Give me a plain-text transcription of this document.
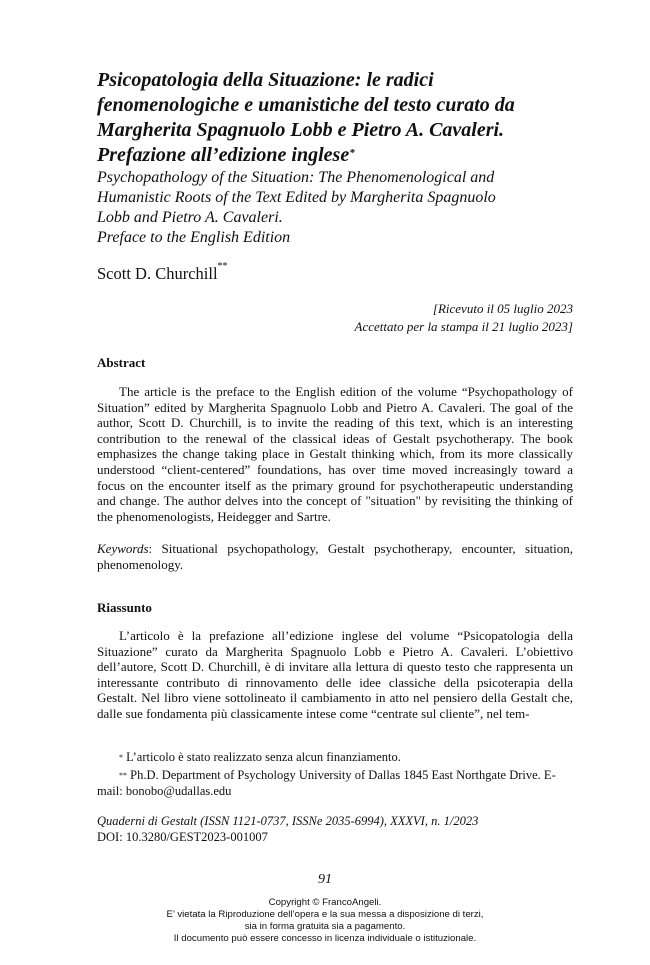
Psicopatologia della Situazione: le radici fenomenologiche e umanistiche del testo curato da Margherita Spagnuolo Lobb e Pietro A. Cavaleri. Prefazione all’edizione inglese*
Psychopathology of the Situation: The Phenomenological and
Humanistic Roots of the Text Edited by Margherita Spagnuolo
Lobb and Pietro A. Cavaleri.
Preface to the English Edition
Scott D. Churchill**
[Ricevuto il 05 luglio 2023
Accettato per la stampa il 21 luglio 2023]
Abstract
The article is the preface to the English edition of the volume “Psychopathology of Situation” edited by Margherita Spagnuolo Lobb and Pietro A. Cavaleri. The goal of the author, Scott D. Churchill, is to invite the reading of this text, which is an interesting contribution to the renewal of the classical ideas of Gestalt psychotherapy. The book emphasizes the change taking place in Gestalt thinking which, from its more classically understood “client-centered” foundations, has over time moved increasingly toward a focus on the encounter itself as the primary ground for psychotherapeutic understanding and change. The author delves into the concept of "situation" by revisiting the thinking of the phenomenologists, Heidegger and Sartre.
Keywords: Situational psychopathology, Gestalt psychotherapy, encounter, situation, phenomenology.
Riassunto
L’articolo è la prefazione all’edizione inglese del volume “Psicopatologia della Situazione” curato da Margherita Spagnuolo Lobb e Pietro A. Cavaleri. L’obiettivo dell’autore, Scott D. Churchill, è di invitare alla lettura di questo testo che rappresenta un interessante contributo di rinnovamento delle idee classiche della psicoterapia della Gestalt. Nel libro viene sottolineato il cambiamento in atto nel pensiero della Gestalt che, dalle sue fondamenta più classicamente intese come “centrate sul cliente”, nel tem-
* L’articolo è stato realizzato senza alcun finanziamento.
** Ph.D. Department of Psychology University of Dallas 1845 East Northgate Drive. E-mail: bonobo@udallas.edu
Quaderni di Gestalt (ISSN 1121-0737, ISSNe 2035-6994), XXXVI, n. 1/2023
DOI: 10.3280/GEST2023-001007
91
Copyright © FrancoAngeli.
E’ vietata la Riproduzione dell’opera e la sua messa a disposizione di terzi,
sia in forma gratuita sia a pagamento.
Il documento può essere concesso in licenza individuale o istituzionale.
